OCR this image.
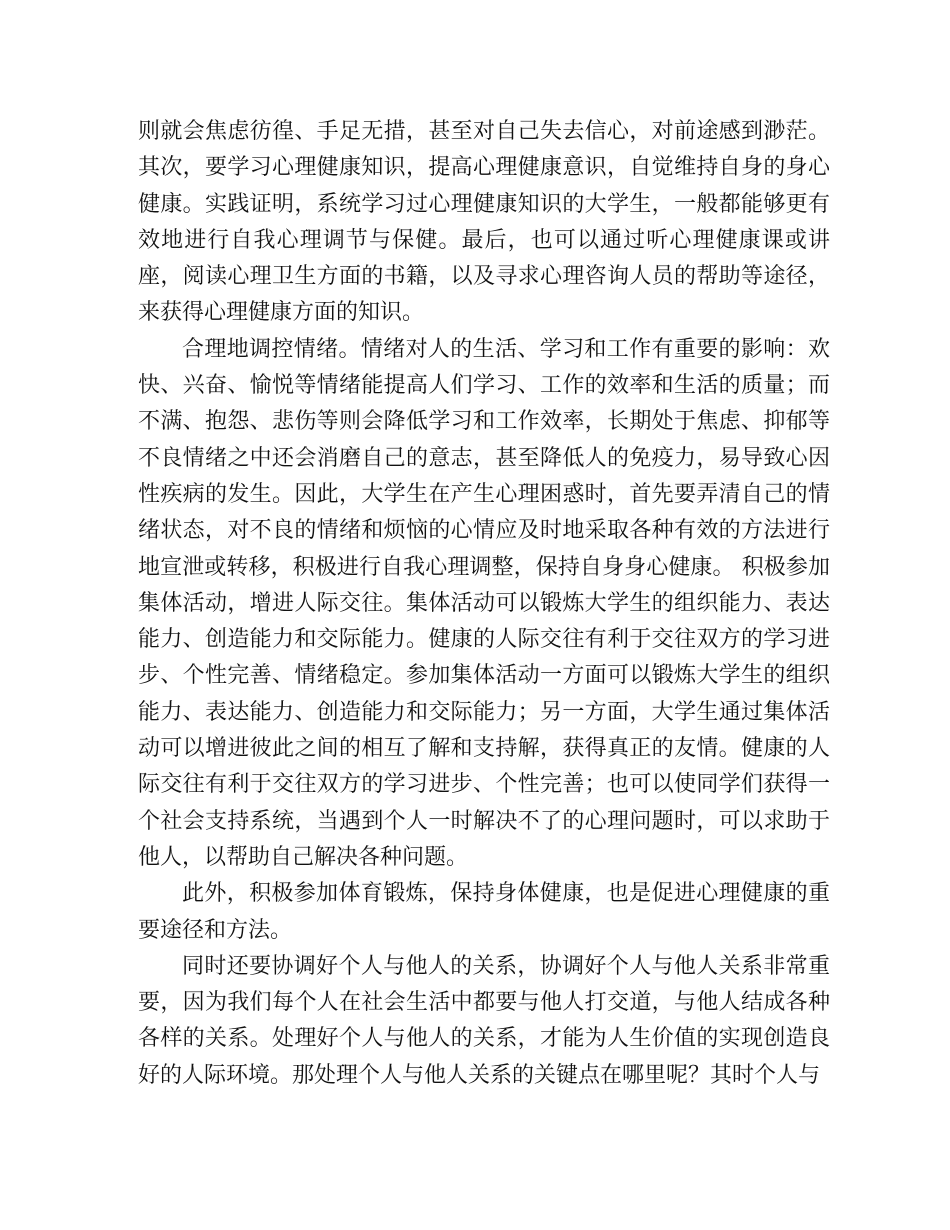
则就会焦虑彷徨、手足无措，甚至对自己失去信心，对前途感到渺茫。其次，要学习心理健康知识，提高心理健康意识，自觉维持自身的身心健康。实践证明，系统学习过心理健康知识的大学生，一般都能够更有效地进行自我心理调节与保健。最后，也可以通过听心理健康课或讲座，阅读心理卫生方面的书籍，以及寻求心理咨询人员的帮助等途径，来获得心理健康方面的知识。

合理地调控情绪。情绪对人的生活、学习和工作有重要的影响：欢快、兴奋、愉悦等情绪能提高人们学习、工作的效率和生活的质量；而不满、抱怨、悲伤等则会降低学习和工作效率，长期处于焦虑、抑郁等不良情绪之中还会消磨自己的意志，甚至降低人的免疫力，易导致心因性疾病的发生。因此，大学生在产生心理困惑时，首先要弄清自己的情绪状态，对不良的情绪和烦恼的心情应及时地采取各种有效的方法进行地宣泄或转移，积极进行自我心理调整，保持自身身心健康。 积极参加集体活动，增进人际交往。集体活动可以锻炼大学生的组织能力、表达能力、创造能力和交际能力。健康的人际交往有利于交往双方的学习进步、个性完善、情绪稳定。参加集体活动一方面可以锻炼大学生的组织能力、表达能力、创造能力和交际能力；另一方面，大学生通过集体活动可以增进彼此之间的相互了解和支持解，获得真正的友情。健康的人际交往有利于交往双方的学习进步、个性完善；也可以使同学们获得一个社会支持系统，当遇到个人一时解决不了的心理问题时，可以求助于他人，以帮助自己解决各种问题。

此外，积极参加体育锻炼，保持身体健康，也是促进心理健康的重要途径和方法。

同时还要协调好个人与他人的关系，协调好个人与他人关系非常重要，因为我们每个人在社会生活中都要与他人打交道，与他人结成各种各样的关系。处理好个人与他人的关系，才能为人生价值的实现创造良好的人际环境。那处理个人与他人关系的关键点在哪里呢？其时个人与
